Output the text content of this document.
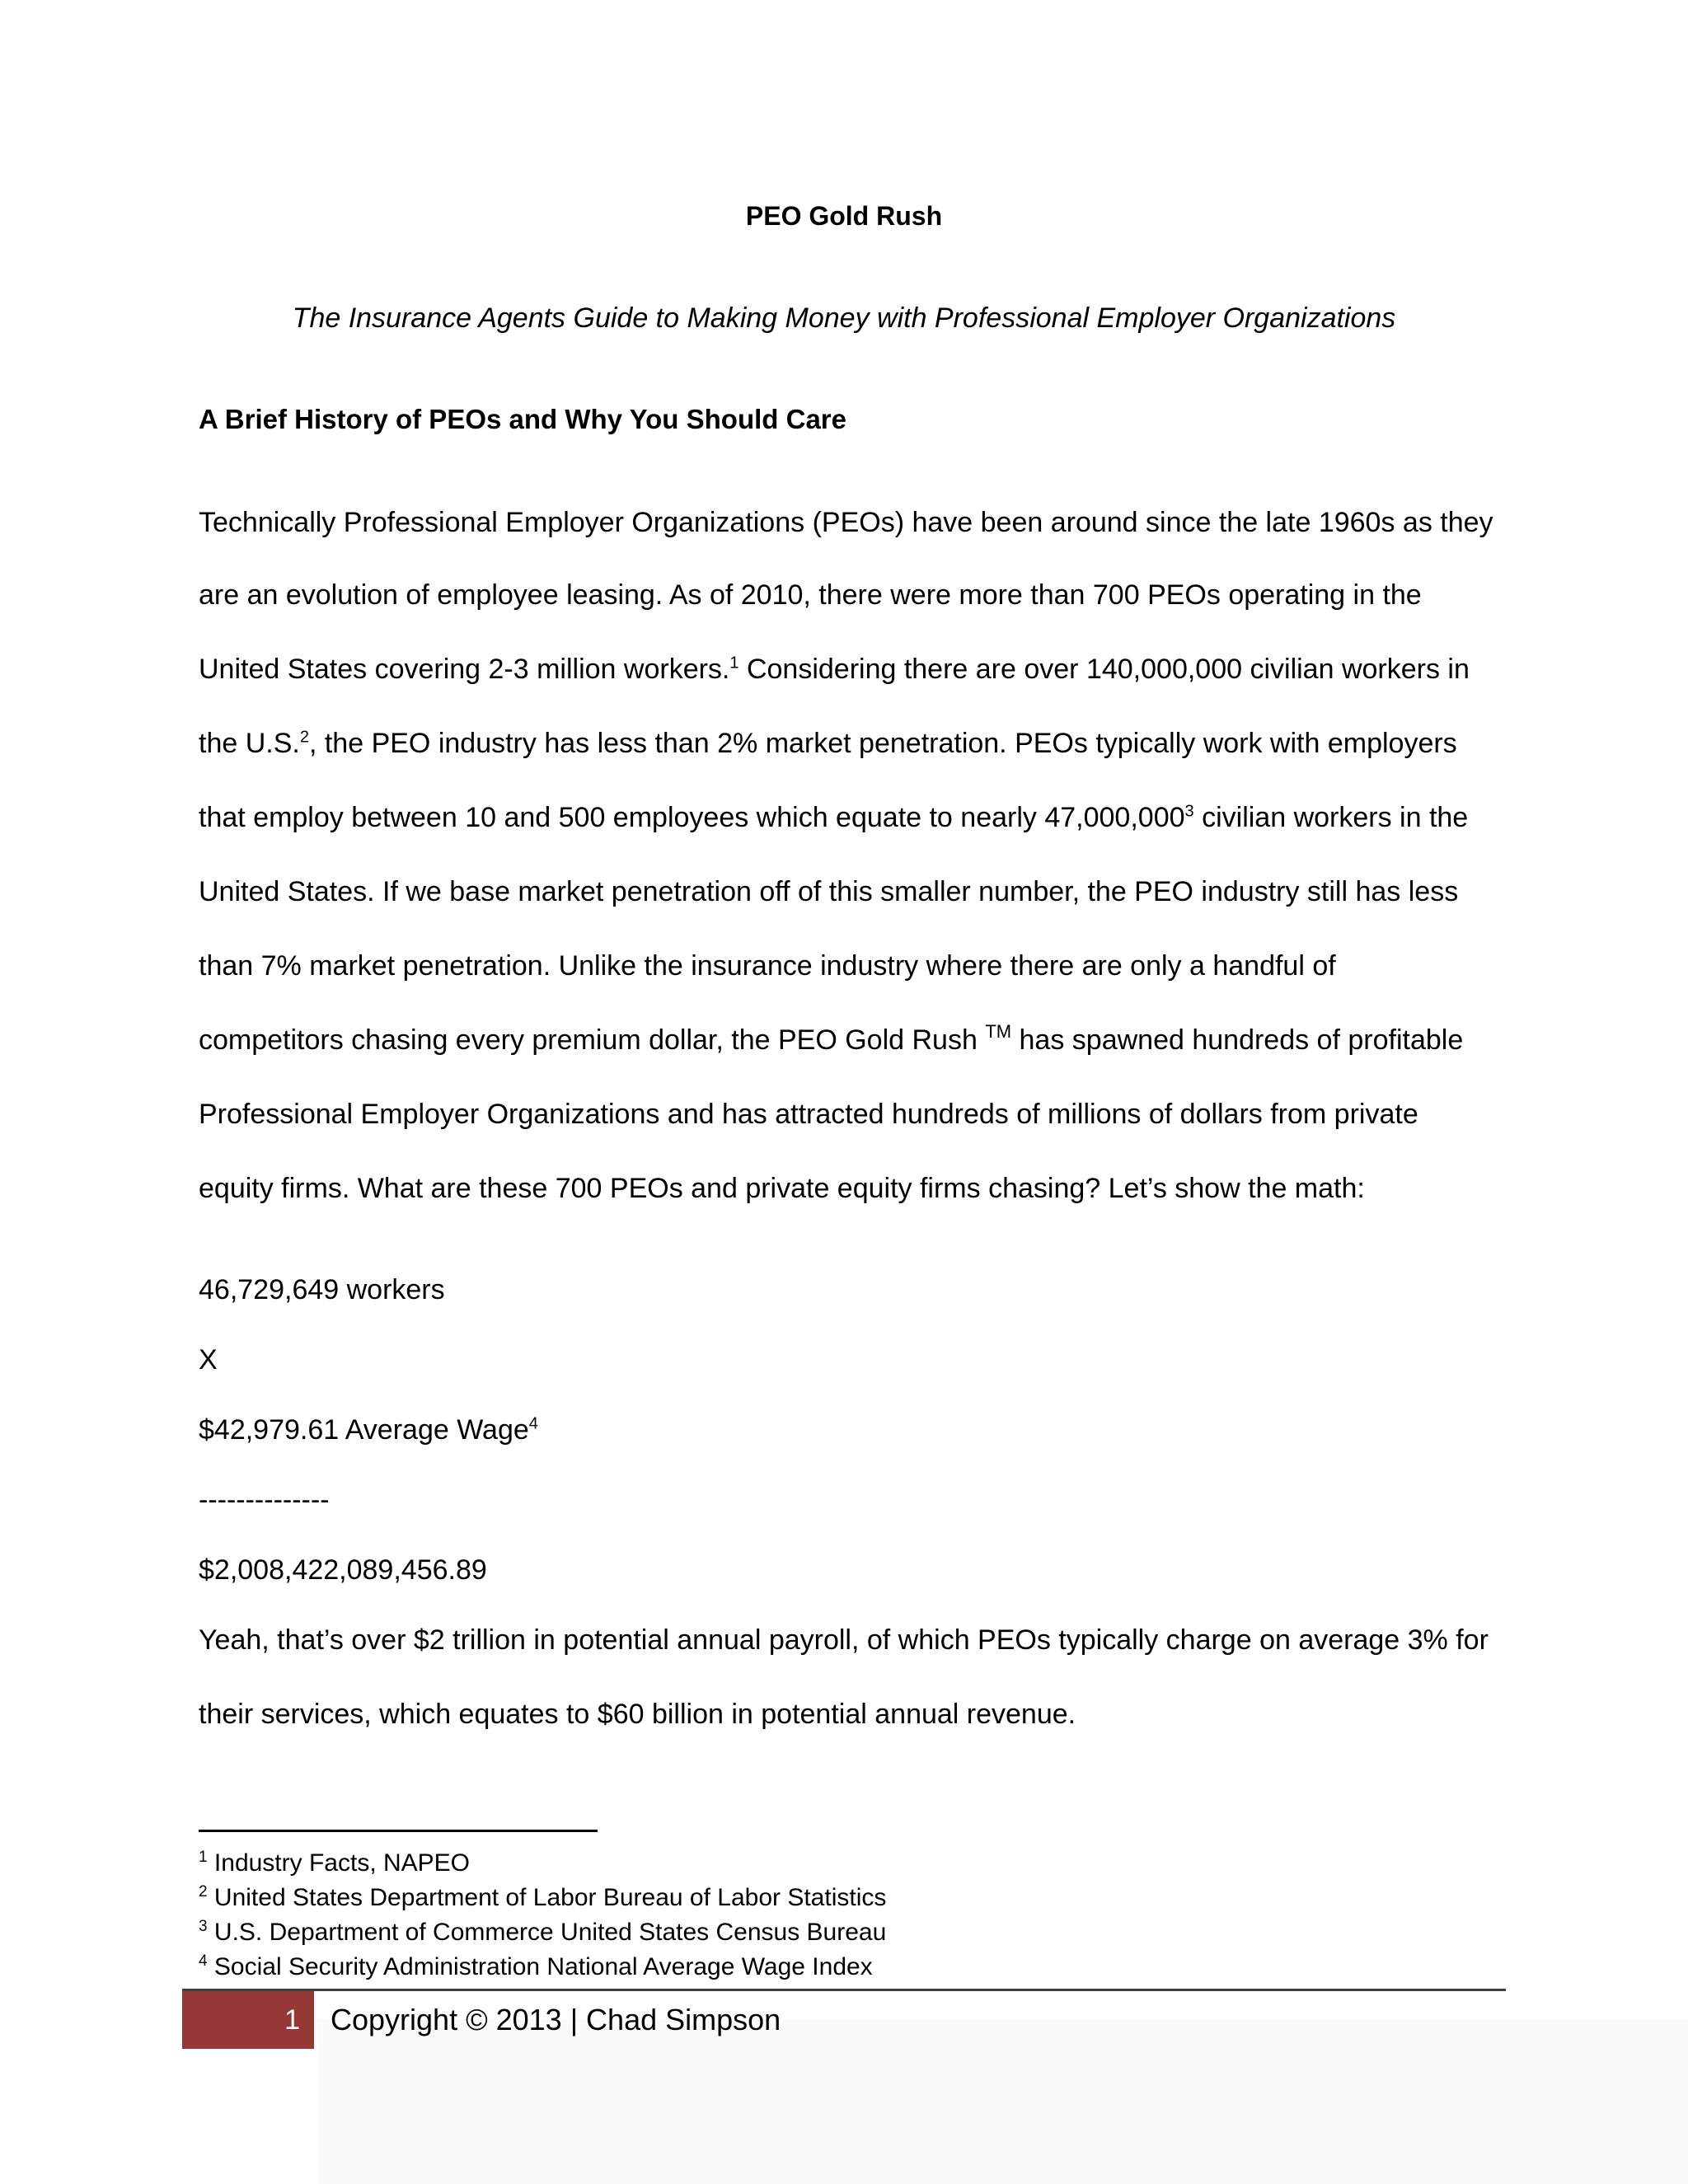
PEO Gold Rush
The Insurance Agents Guide to Making Money with Professional Employer Organizations
A Brief History of PEOs and Why You Should Care
Technically Professional Employer Organizations (PEOs) have been around since the late 1960s as they
are an evolution of employee leasing. As of 2010, there were more than 700 PEOs operating in the
United States covering 2-3 million workers.$^1$ Considering there are over 140,000,000 civilian workers in
the U.S.$^2$, the PEO industry has less than 2% market penetration. PEOs typically work with employers
that employ between 10 and 500 employees which equate to nearly 47,000,000$^3$ civilian workers in the
United States. If we base market penetration off of this smaller number, the PEO industry still has less
than 7% market penetration. Unlike the insurance industry where there are only a handful of
competitors chasing every premium dollar, the PEO Gold Rush ™ has spawned hundreds of profitable
Professional Employer Organizations and has attracted hundreds of millions of dollars from private
equity firms. What are these 700 PEOs and private equity firms chasing? Let’s show the math:
46,729,649 workers
X
$42,979.61 Average Wage$^4$
--------------
$2,008,422,089,456.89
Yeah, that’s over $2 trillion in potential annual payroll, of which PEOs typically charge on average 3% for
their services, which equates to $60 billion in potential annual revenue.
$^1$ Industry Facts, NAPEO
$^2$ United States Department of Labor Bureau of Labor Statistics
$^3$ U.S. Department of Commerce United States Census Bureau
$^4$ Social Security Administration National Average Wage Index
1	Copyright © 2013 | Chad Simpson
